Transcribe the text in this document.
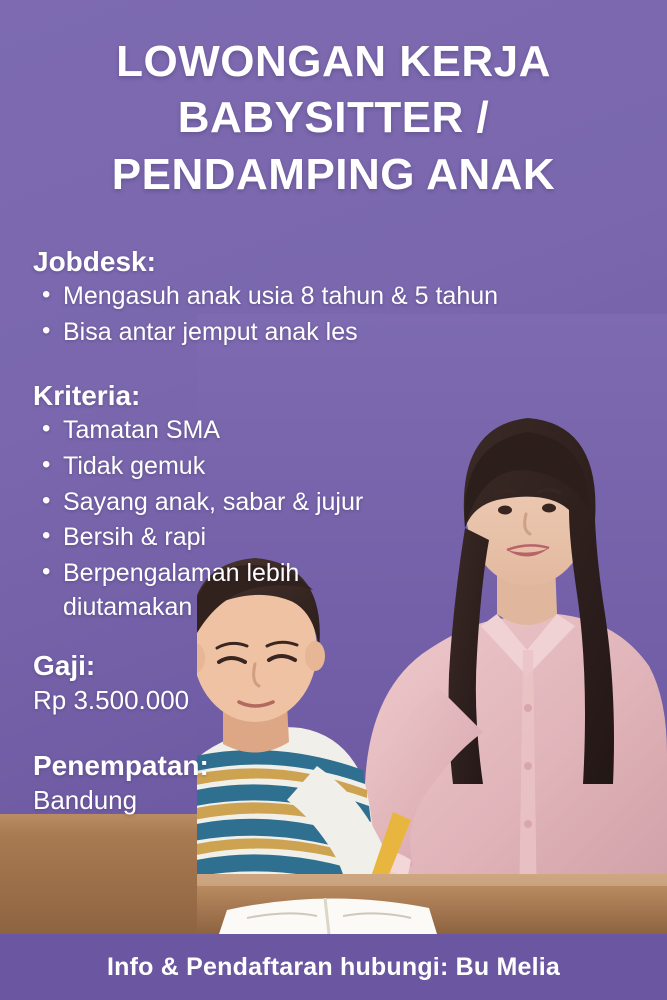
LOWONGAN KERJA
BABYSITTER /
PENDAMPING ANAK
Jobdesk:
• Mengasuh anak usia 8 tahun & 5 tahun
• Bisa antar jemput anak les
Kriteria:
• Tamatan SMA
• Tidak gemuk
• Sayang anak, sabar & jujur
• Bersih & rapi
• Berpengalaman lebih diutamakan
Gaji:
Rp 3.500.000
Penempatan:
Bandung
Info & Pendaftaran hubungi: Bu Melia
